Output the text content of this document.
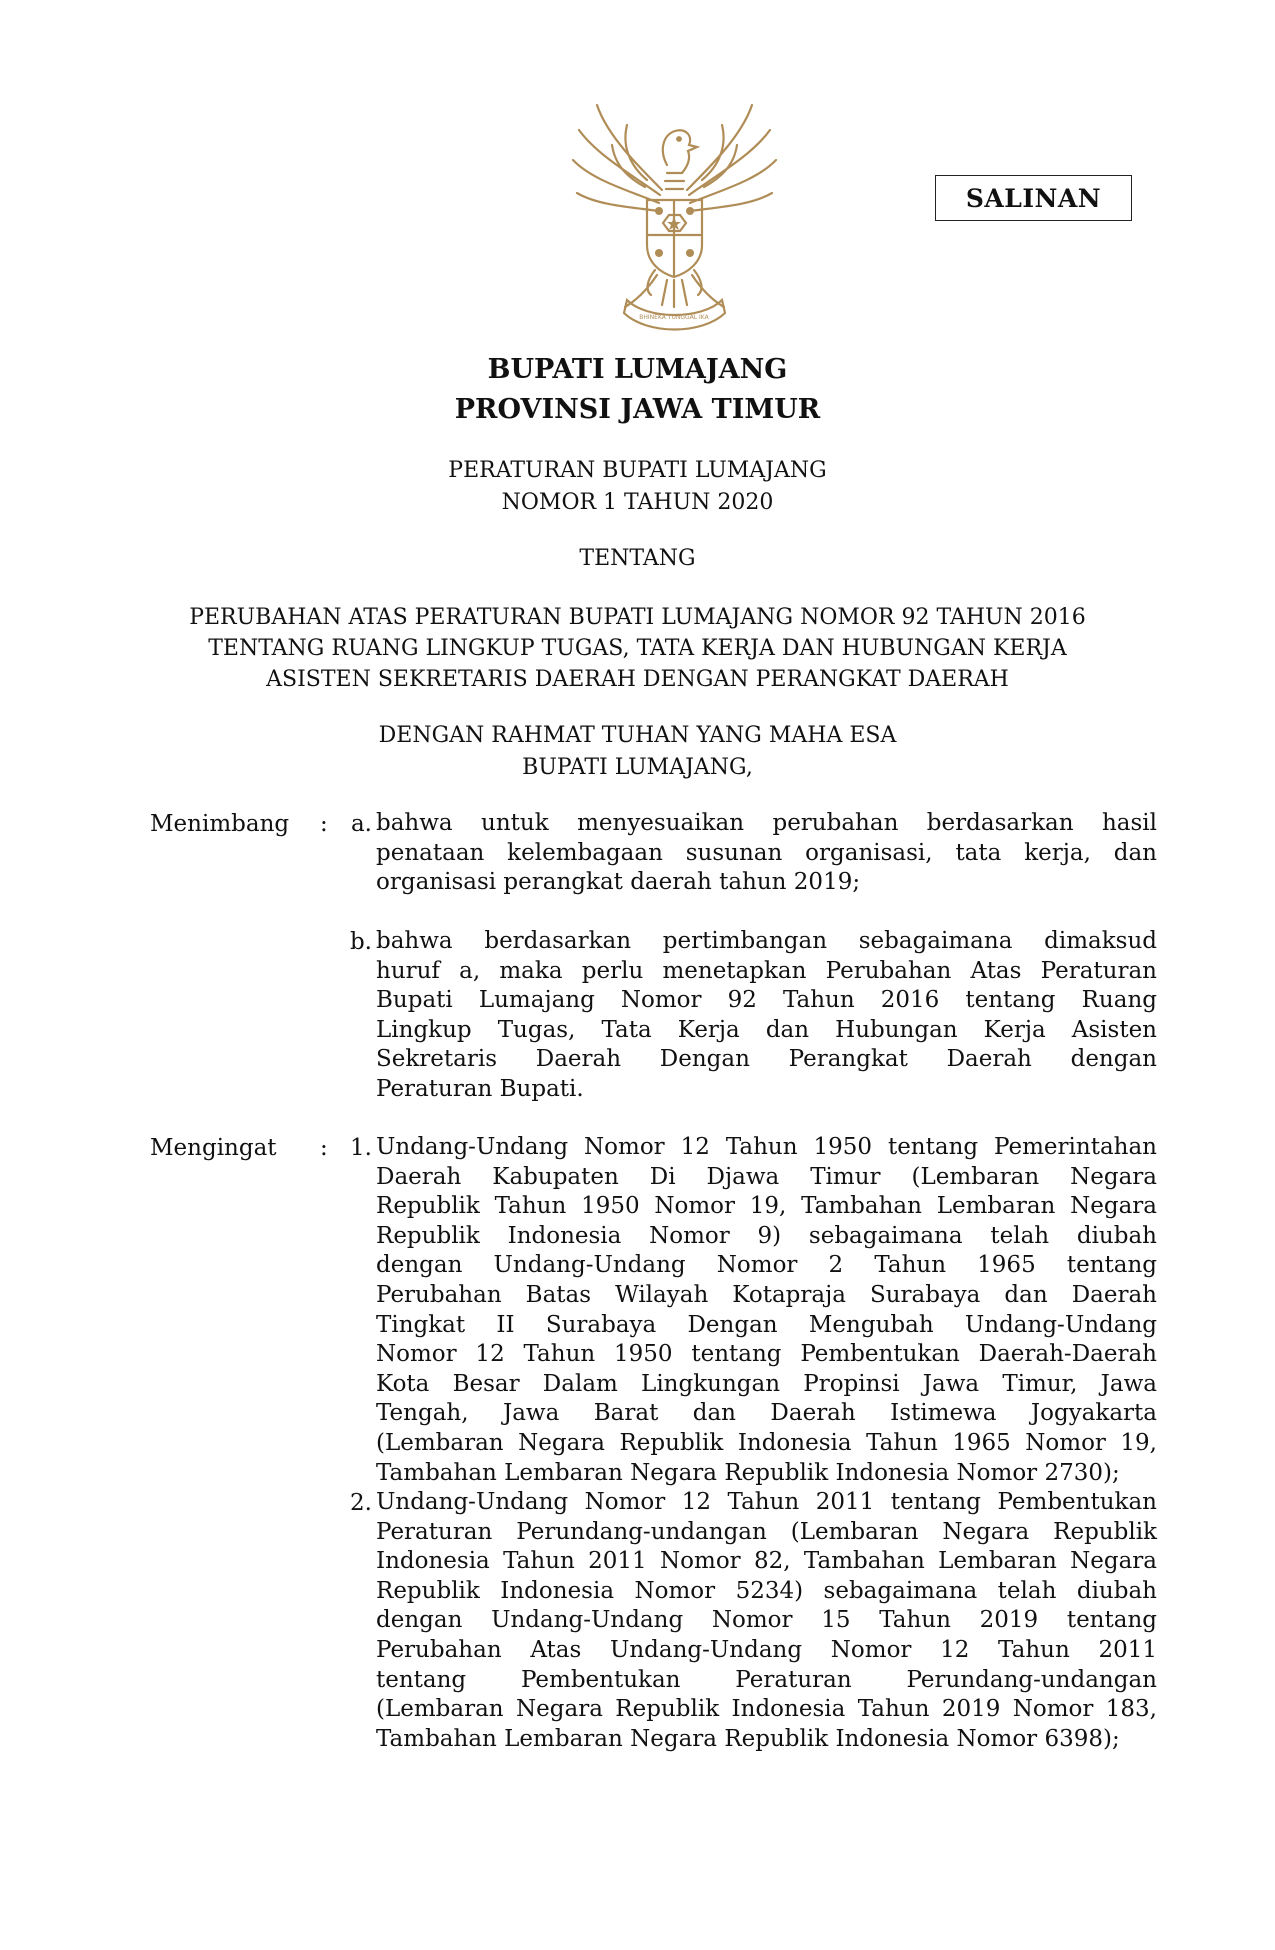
BHINEKA TUNGGAL IKA
SALINAN
BUPATI LUMAJANG
PROVINSI JAWA TIMUR
PERATURAN BUPATI LUMAJANG
NOMOR 1 TAHUN 2020
TENTANG
PERUBAHAN ATAS PERATURAN BUPATI LUMAJANG NOMOR 92 TAHUN 2016
TENTANG RUANG LINGKUP TUGAS, TATA KERJA DAN HUBUNGAN KERJA
ASISTEN SEKRETARIS DAERAH DENGAN PERANGKAT DAERAH
DENGAN RAHMAT TUHAN YANG MAHA ESA
BUPATI LUMAJANG,
Menimbang :	a. bahwa untuk menyesuaikan perubahan berdasarkan hasil
penataan kelembagaan susunan organisasi, tata kerja, dan
organisasi perangkat daerah tahun 2019;
b. bahwa berdasarkan pertimbangan sebagaimana dimaksud
huruf a, maka perlu menetapkan Perubahan Atas Peraturan
Bupati Lumajang Nomor 92 Tahun 2016 tentang Ruang
Lingkup Tugas, Tata Kerja dan Hubungan Kerja Asisten
Sekretaris Daerah Dengan Perangkat Daerah dengan
Peraturan Bupati.
Mengingat : 1. Undang-Undang Nomor 12 Tahun 1950 tentang Pemerintahan
Daerah Kabupaten Di Djawa Timur (Lembaran Negara
Republik Tahun 1950 Nomor 19, Tambahan Lembaran Negara
Republik Indonesia Nomor 9) sebagaimana telah diubah
dengan Undang-Undang Nomor 2 Tahun 1965 tentang
Perubahan Batas Wilayah Kotapraja Surabaya dan Daerah
Tingkat II Surabaya Dengan Mengubah Undang-Undang
Nomor 12 Tahun 1950 tentang Pembentukan Daerah-Daerah
Kota Besar Dalam Lingkungan Propinsi Jawa Timur, Jawa
Tengah, Jawa Barat dan Daerah Istimewa Jogyakarta
(Lembaran Negara Republik Indonesia Tahun 1965 Nomor 19,
Tambahan Lembaran Negara Republik Indonesia Nomor 2730);
2. Undang-Undang Nomor 12 Tahun 2011 tentang Pembentukan
Peraturan Perundang-undangan (Lembaran Negara Republik
Indonesia Tahun 2011 Nomor 82, Tambahan Lembaran Negara
Republik Indonesia Nomor 5234) sebagaimana telah diubah
dengan Undang-Undang Nomor 15 Tahun 2019 tentang
Perubahan Atas Undang-Undang Nomor 12 Tahun 2011
tentang Pembentukan Peraturan Perundang-undangan
(Lembaran Negara Republik Indonesia Tahun 2019 Nomor 183,
Tambahan Lembaran Negara Republik Indonesia Nomor 6398);
